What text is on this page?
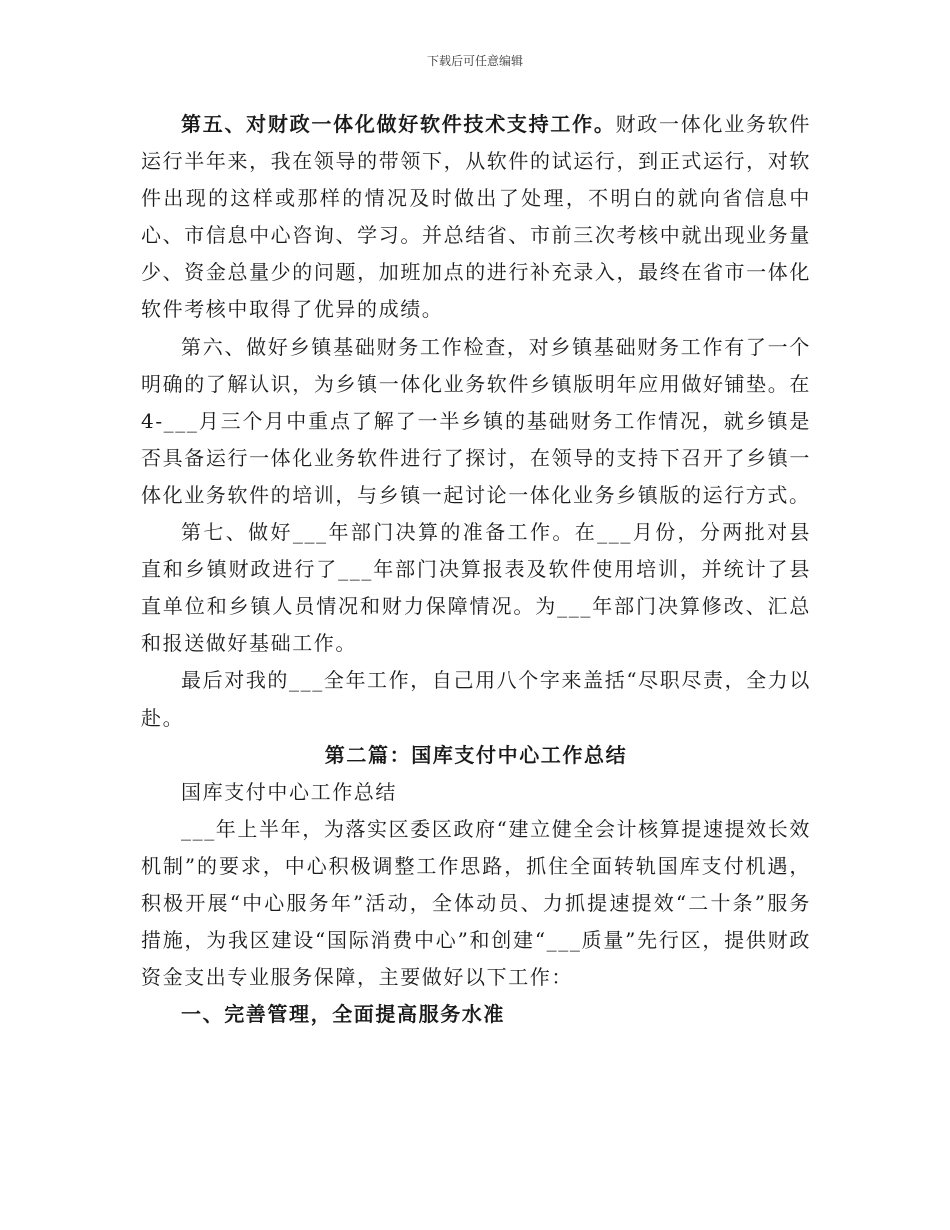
下载后可任意编辑

第五、对财政一体化做好软件技术支持工作。财政一体化业务软件运行半年来，我在领导的带领下，从软件的试运行，到正式运行，对软件出现的这样或那样的情况及时做出了处理，不明白的就向省信息中心、市信息中心咨询、学习。并总结省、市前三次考核中就出现业务量少、资金总量少的问题，加班加点的进行补充录入，最终在省市一体化软件考核中取得了优异的成绩。

第六、做好乡镇基础财务工作检查，对乡镇基础财务工作有了一个明确的了解认识，为乡镇一体化业务软件乡镇版明年应用做好铺垫。在4-___月三个月中重点了解了一半乡镇的基础财务工作情况，就乡镇是否具备运行一体化业务软件进行了探讨，在领导的支持下召开了乡镇一体化业务软件的培训，与乡镇一起讨论一体化业务乡镇版的运行方式。

第七、做好___年部门决算的准备工作。在___月份，分两批对县直和乡镇财政进行了___年部门决算报表及软件使用培训，并统计了县直单位和乡镇人员情况和财力保障情况。为___年部门决算修改、汇总和报送做好基础工作。

最后对我的___全年工作，自己用八个字来盖括“尽职尽责，全力以赴。

第二篇：国库支付中心工作总结

国库支付中心工作总结

___年上半年，为落实区委区政府“建立健全会计核算提速提效长效机制”的要求，中心积极调整工作思路，抓住全面转轨国库支付机遇，积极开展“中心服务年”活动，全体动员、力抓提速提效“二十条”服务措施，为我区建设“国际消费中心”和创建“___质量”先行区，提供财政资金支出专业服务保障，主要做好以下工作：

一、完善管理，全面提高服务水准
